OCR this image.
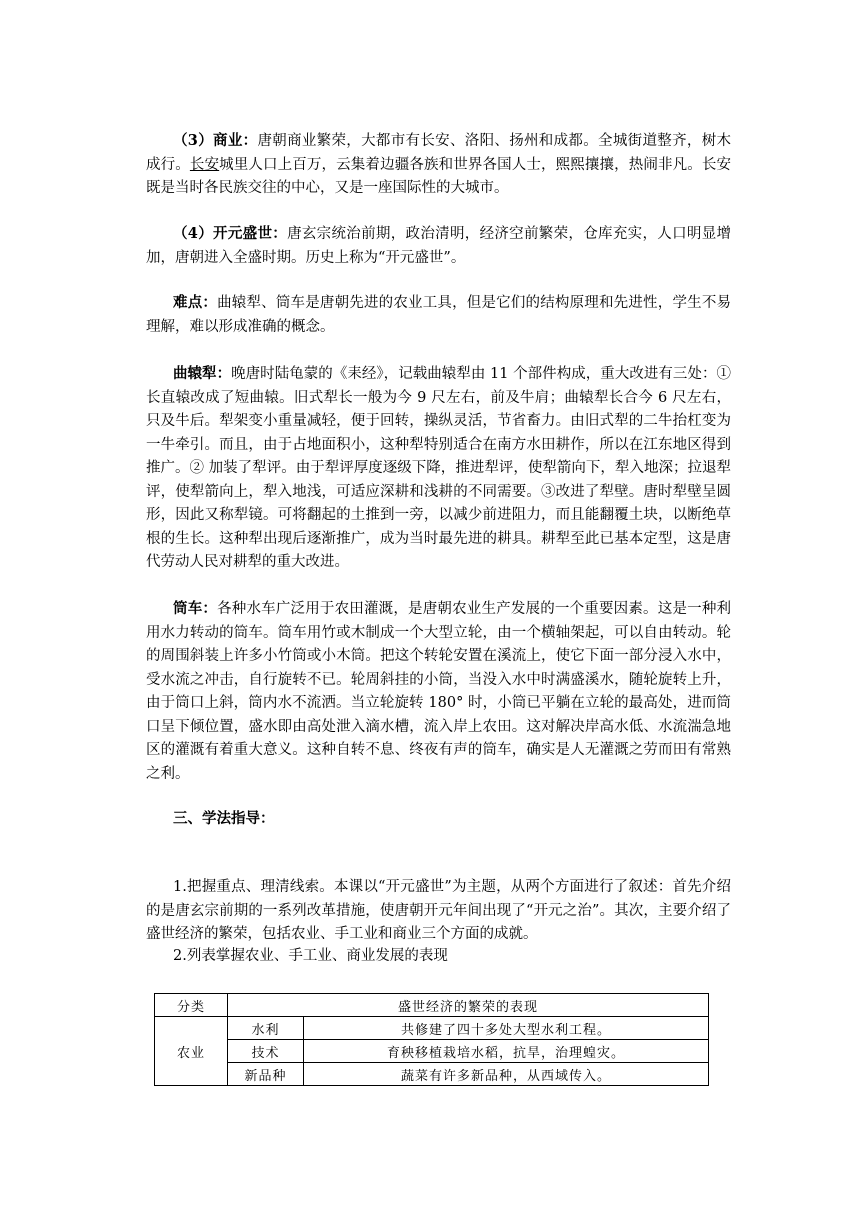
（3）商业：唐朝商业繁荣，大都市有长安、洛阳、扬州和成都。全城街道整齐，树木成行。长安城里人口上百万，云集着边疆各族和世界各国人士，熙熙攘攘，热闹非凡。长安既是当时各民族交往的中心，又是一座国际性的大城市。

（4）开元盛世：唐玄宗统治前期，政治清明，经济空前繁荣，仓库充实，人口明显增加，唐朝进入全盛时期。历史上称为“开元盛世”。

难点：曲辕犁、筒车是唐朝先进的农业工具，但是它们的结构原理和先进性，学生不易理解，难以形成准确的概念。

曲辕犁：晚唐时陆龟蒙的《耒经》，记载曲辕犁由 11 个部件构成，重大改进有三处：①长直辕改成了短曲辕。旧式犁长一般为今 9 尺左右，前及牛肩；曲辕犁长合今 6 尺左右，只及牛后。犁架变小重量减轻，便于回转，操纵灵活，节省畜力。由旧式犁的二牛抬杠变为一牛牵引。而且，由于占地面积小，这种犁特别适合在南方水田耕作，所以在江东地区得到推广。② 加装了犁评。由于犁评厚度逐级下降，推进犁评，使犁箭向下，犁入地深；拉退犁评，使犁箭向上，犁入地浅，可适应深耕和浅耕的不同需要。③改进了犁壁。唐时犁壁呈圆形，因此又称犁镜。可将翻起的土推到一旁，以减少前进阻力，而且能翻覆土块，以断绝草根的生长。这种犁出现后逐渐推广，成为当时最先进的耕具。耕犁至此已基本定型，这是唐代劳动人民对耕犁的重大改进。

筒车：各种水车广泛用于农田灌溉，是唐朝农业生产发展的一个重要因素。这是一种利用水力转动的筒车。筒车用竹或木制成一个大型立轮，由一个横轴架起，可以自由转动。轮的周围斜装上许多小竹筒或小木筒。把这个转轮安置在溪流上，使它下面一部分浸入水中，受水流之冲击，自行旋转不已。轮周斜挂的小筒，当没入水中时满盛溪水，随轮旋转上升，由于筒口上斜，筒内水不流洒。当立轮旋转 180° 时，小筒已平躺在立轮的最高处，进而筒口呈下倾位置，盛水即由高处泄入滴水槽，流入岸上农田。这对解决岸高水低、水流湍急地区的灌溉有着重大意义。这种自转不息、终夜有声的筒车，确实是人无灌溉之劳而田有常熟之利。

三、学法指导：

1.把握重点、理清线索。本课以“开元盛世”为主题，从两个方面进行了叙述：首先介绍的是唐玄宗前期的一系列改革措施，使唐朝开元年间出现了“开元之治”。其次，主要介绍了盛世经济的繁荣，包括农业、手工业和商业三个方面的成就。

2.列表掌握农业、手工业、商业发展的表现

分类	盛世经济的繁荣的表现	
农业	水利	共修建了四十多处大型水利工程。
	技术	育秧移植栽培水稻，抗旱，治理蝗灾。
	新品种	蔬菜有许多新品种，从西域传入。
